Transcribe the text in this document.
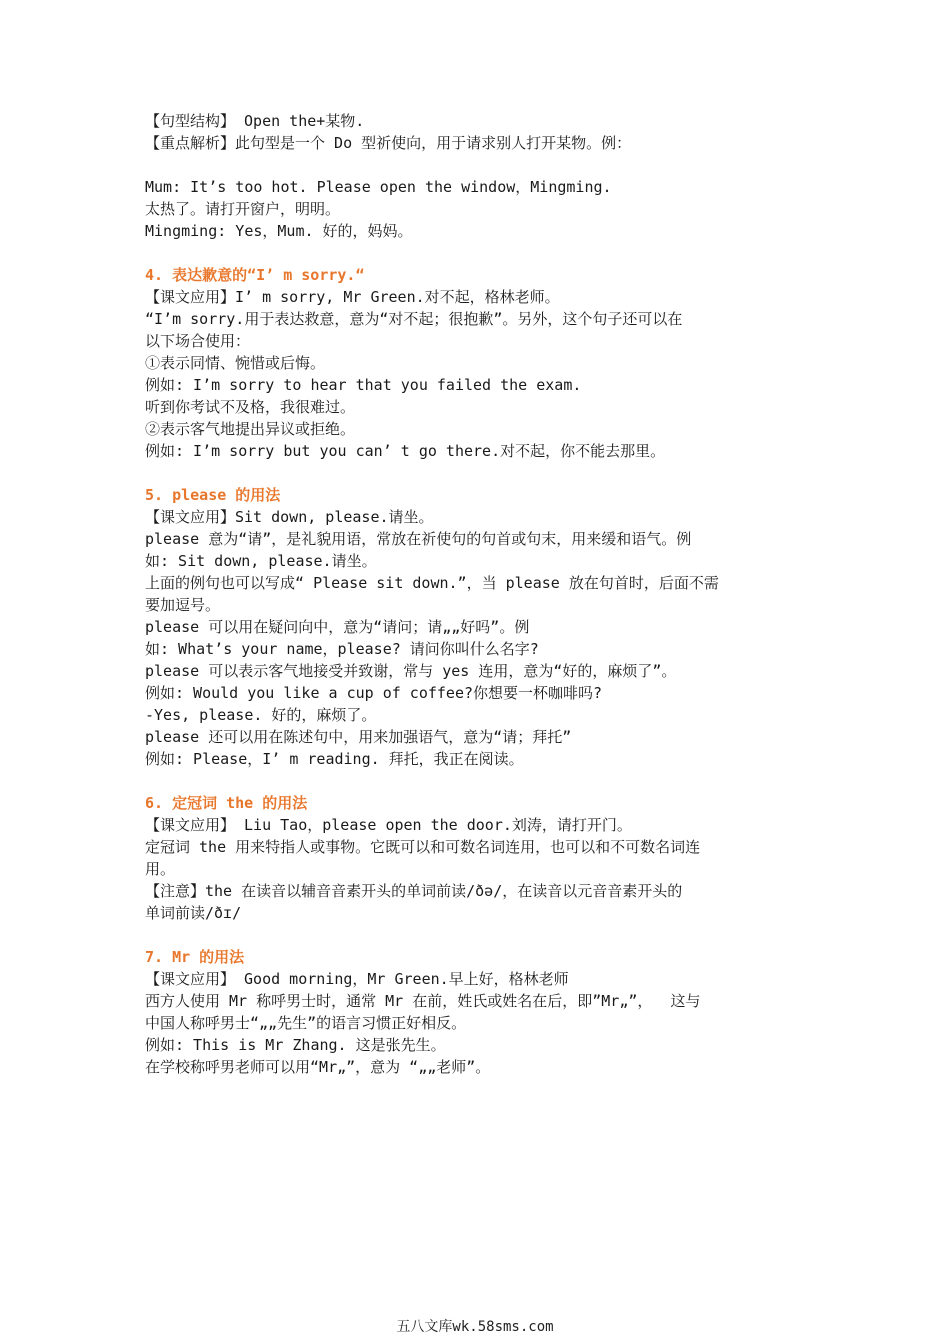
【句型结构】 Open the+某物.

【重点解析】此句型是一个 Do 型祈使向，用于请求别人打开某物。例：

Mum: It’s too hot. Please open the window，Mingming.

太热了。请打开窗户，明明。

Mingming: Yes，Mum. 好的，妈妈。

4. 表达歉意的“I’ m sorry.“

【课文应用】I’ m sorry, Mr Green.对不起，格林老师。

“I’m sorry.用于表达救意，意为“对不起；很抱歉”。另外，这个句子还可以在

以下场合使用：

①表示同情、惋惜或后悔。

例如: I’m sorry to hear that you failed the exam.

听到你考试不及格，我很难过。

②表示客气地提出异议或拒绝。

例如: I’m sorry but you can’ t go there.对不起，你不能去那里。

5. please 的用法

【课文应用】Sit down, please.请坐。

please 意为“请”，是礼貌用语，常放在祈使句的句首或句末，用来缓和语气。例

如: Sit down, please.请坐。

上面的例句也可以写成“ Please sit down.”，当 please 放在句首时，后面不需

要加逗号。

please 可以用在疑问向中，意为“请问；请„„好吗”。例

如: What’s your name，please? 请问你叫什么名字?

please 可以表示客气地接受并致谢，常与 yes 连用，意为“好的，麻烦了”。

例如: Would you like a cup of coffee?你想要一杯咖啡吗?

-Yes, please. 好的，麻烦了。

please 还可以用在陈述句中，用来加强语气，意为“请；拜托”

例如: Please，I’ m reading. 拜托，我正在阅读。

6. 定冠词 the 的用法

【课文应用】 Liu Tao，please open the door.刘涛，请打开门。

定冠词 the 用来特指人或事物。它既可以和可数名词连用，也可以和不可数名词连

用。

【注意】the 在读音以辅音音素开头的单词前读/ðə/，在读音以元音音素开头的

单词前读/ðɪ/

7. Mr 的用法

【课文应用】 Good morning，Mr Green.早上好，格林老师

西方人使用 Mr 称呼男士时，通常 Mr 在前，姓氏或姓名在后，即”Mr„”，  这与

中国人称呼男士“„„先生”的语言习惯正好相反。

例如: This is Mr Zhang. 这是张先生。

在学校称呼男老师可以用“Mr„”，意为 “„„老师”。

五八文库wk.58sms.com
